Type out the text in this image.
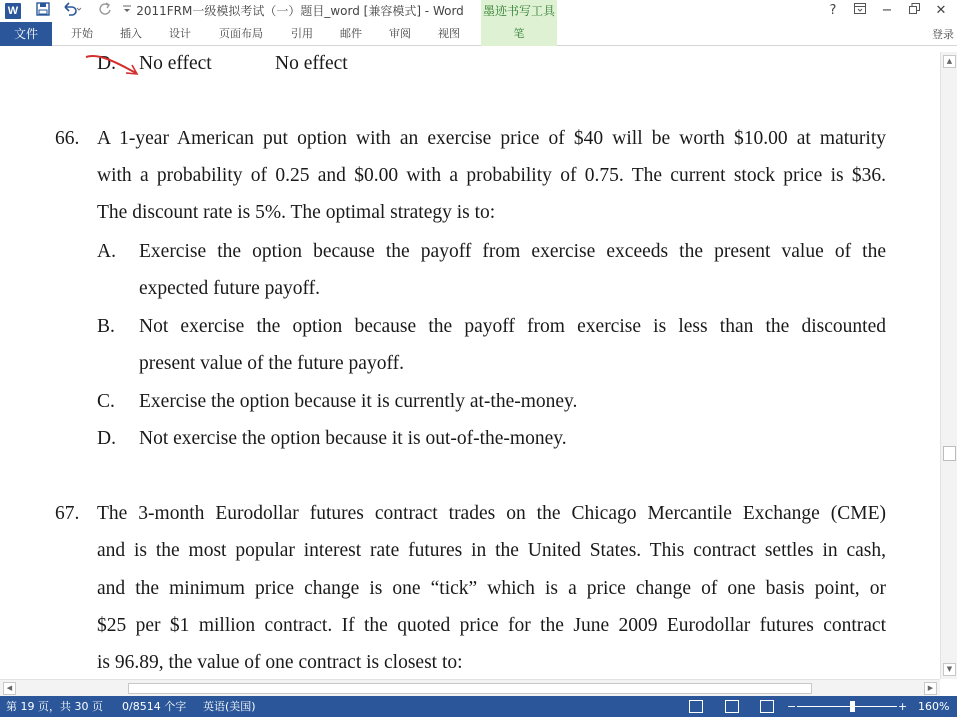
W	2011FRM一级模拟考试（一）题目_word [兼容模式] - Word	墨迹书写工具	?	−	✕
文件	开始	插入	设计	页面布局	引用	邮件	审阅	视图	笔	登录
D. No effect	No effect
66. A 1-year American put option with an exercise price of $40 will be worth $10.00 at maturity
with a probability of 0.25 and $0.00 with a probability of 0.75. The current stock price is $36.
The discount rate is 5%. The optimal strategy is to:
A. Exercise the option because the payoff from exercise exceeds the present value of the
expected future payoff.
B. Not exercise the option because the payoff from exercise is less than the discounted
present value of the future payoff.
C. Exercise the option because it is currently at-the-money.
D. Not exercise the option because it is out-of-the-money.
67. The 3-month Eurodollar futures contract trades on the Chicago Mercantile Exchange (CME)
and is the most popular interest rate futures in the United States. This contract settles in cash,
and the minimum price change is one “tick” which is a price change of one basis point, or
$25 per $1 million contract. If the quoted price for the June 2009 Eurodollar futures contract
is 96.89, the value of one contract is closest to:
▲
▼
◀	▶
第 19 页，共 30 页 0/8514 个字 英语(美国)	−	+ 160%
